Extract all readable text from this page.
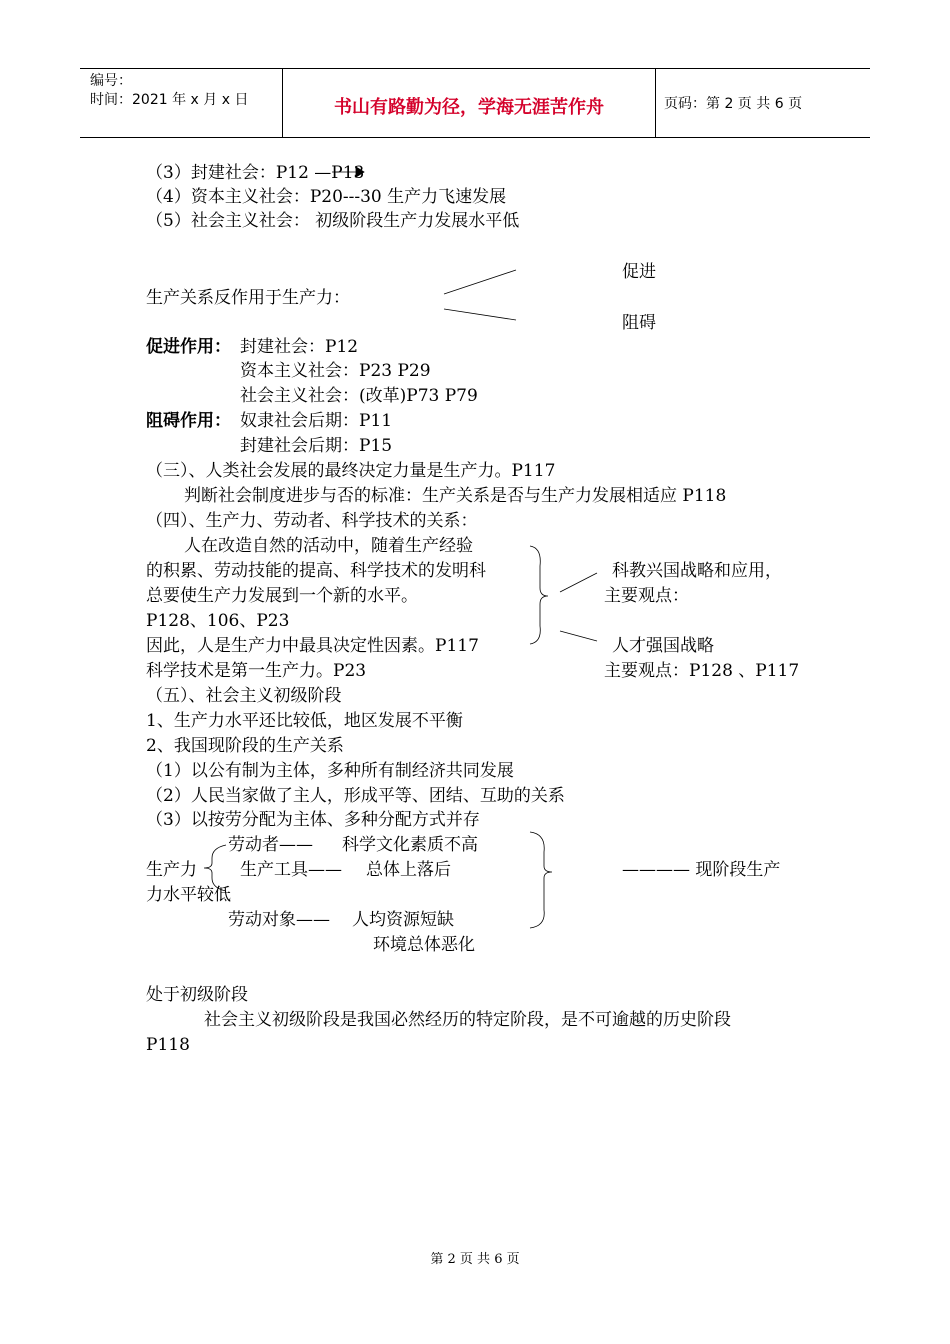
编号：
时间：2021 年 x 月 x 日	书山有路勤为径，学海无涯苦作舟	页码：第 2 页 共 6 页
（3）封建社会：P12 —P13
（4）资本主义社会：P20---30 生产力飞速发展
（5）社会主义社会： 初级阶段生产力发展水平低
促进
生产关系反作用于生产力：
阻碍
促进作用： 封建社会：P12
资本主义社会：P23 P29
社会主义社会：(改革)P73 P79
阻碍作用： 奴隶社会后期：P11
封建社会后期：P15
（三）、人类社会发展的最终决定力量是生产力。P117
判断社会制度进步与否的标准：生产关系是否与生产力发展相适应 P118
（四）、生产力、劳动者、科学技术的关系：
人在改造自然的活动中，随着生产经验
的积累、劳动技能的提高、科学技术的发明科
总要使生产力发展到一个新的水平。
P128、106、P23
因此，人是生产力中最具决定性因素。P117
科学技术是第一生产力。P23
科教兴国战略和应用，
主要观点：
人才强国战略
主要观点：P128 、P117
（五）、社会主义初级阶段
1、生产力水平还比较低，地区发展不平衡
2、我国现阶段的生产关系
（1）以公有制为主体，多种所有制经济共同发展
（2）人民当家做了主人，形成平等、团结、互助的关系
（3）以按劳分配为主体、多种分配方式并存
劳动者—— 科学文化素质不高
生产力	生产工具—— 总体上落后	———— 现阶段生产
力水平较低
劳动对象—— 人均资源短缺
环境总体恶化
处于初级阶段
社会主义初级阶段是我国必然经历的特定阶段，是不可逾越的历史阶段
P118
第 2 页 共 6 页
